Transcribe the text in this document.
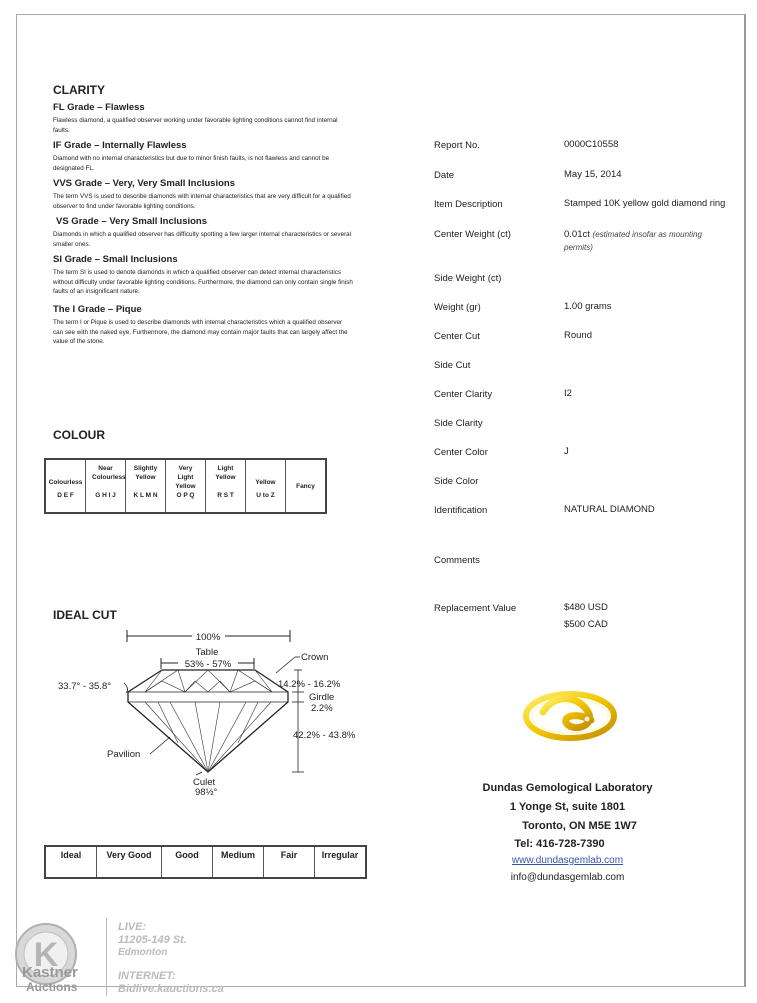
CLARITY
FL Grade – Flawless
Flawless diamond, a qualified observer working under favorable lighting conditions cannot find internal faults.
IF Grade – Internally Flawless
Diamond with no internal characteristics but due to minor finish faults, is not flawless and cannot be designated FL.
VVS Grade – Very, Very Small Inclusions
The term VVS is used to describe diamonds with internal characteristics that are very difficult for a qualified observer to find under favorable lighting conditions.
VS Grade – Very Small Inclusions
Diamonds in which a qualified observer has difficulty spotting a few larger internal characteristics or several smaller ones.
SI Grade – Small Inclusions
The term SI is used to denote diamonds in which a qualified observer can detect internal characteristics without difficulty under favorable lighting conditions. Furthermore, the diamond can only contain single finish faults of an insignificant nature.
The I Grade – Pique
The term I or Pique is used to describe diamonds with internal characteristics which a qualified observer can see with the naked eye. Furthermore, the diamond may contain major faults that can largely affect the value of the stone.
COLOUR
Colourless
D E F

Near Colourless
G H I J

Slightly Yellow
K L M N

Very Light Yellow
O P Q

Light Yellow
R S T

Yellow
U to Z

Fancy
IDEAL CUT
100%
Table
53% - 57%
33.7° - 35.8°
Crown
14.2% - 16.2%
Girdle
2.2%
42.2% - 43.8%
Pavilion
Culet
98½°
Ideal	Very Good	Good	Medium	Fair	Irregular
Report No.	0000C10558
Date	May 15, 2014
Item Description	Stamped 10K yellow gold diamond ring
Center Weight (ct)	0.01ct (estimated insofar as mounting permits)
Side Weight (ct)
Weight (gr)	1.00 grams
Center Cut	Round
Side Cut
Center Clarity	I2
Side Clarity
Center Color	J
Side Color
Identification	NATURAL DIAMOND
Comments
Replacement Value	$480 USD
$500 CAD
Dundas Gemological Laboratory
1 Yonge St, suite 1801
Toronto, ON M5E 1W7
Tel: 416-728-7390
www.dundasgemlab.com
info@dundasgemlab.com
K
Kastner
Auctions
LIVE:
11205-149 St.
Edmonton
INTERNET:
Bidlive.kauctions.ca
